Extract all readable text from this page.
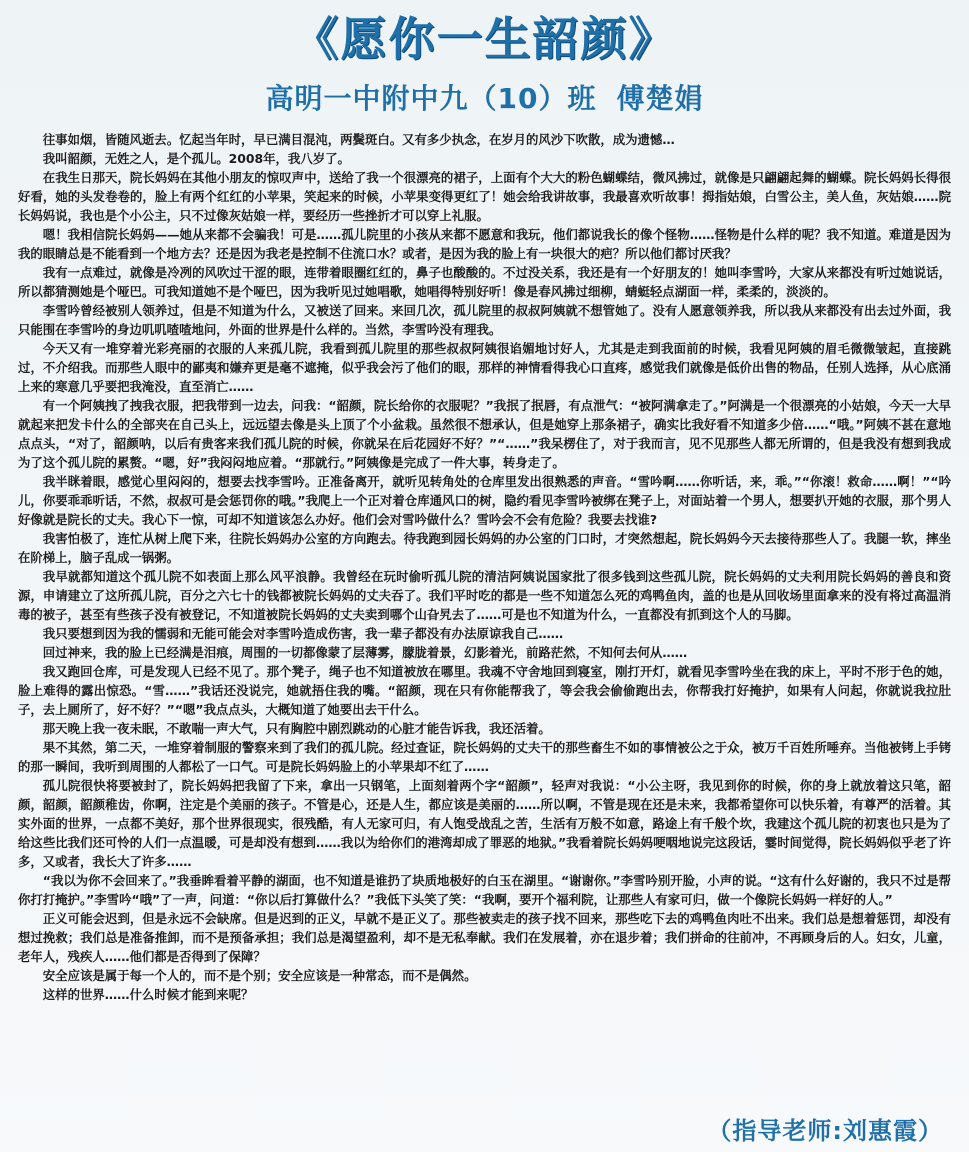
《愿你一生韶颜》
高明一中附中九（10）班 傅楚娟

往事如烟，皆随风逝去。忆起当年时，早已满目混沌，两鬓斑白。又有多少执念，在岁月的风沙下吹散，成为遗憾…

我叫韶颜，无姓之人，是个孤儿。2008年，我八岁了。

在我生日那天，院长妈妈在其他小朋友的惊叹声中，送给了我一个很漂亮的裙子，上面有个大大的粉色蝴蝶结，微风拂过，就像是只翩翩起舞的蝴蝶。院长妈妈长得很好看，她的头发卷卷的，脸上有两个红红的小苹果，笑起来的时候，小苹果变得更红了！她会给我讲故事，我最喜欢听故事！拇指姑娘，白雪公主，美人鱼，灰姑娘……院长妈妈说，我也是个小公主，只不过像灰姑娘一样，要经历一些挫折才可以穿上礼服。

嗯！我相信院长妈妈——她从来都不会骗我！可是……孤儿院里的小孩从来都不愿意和我玩，他们都说我长的像个怪物……怪物是什么样的呢？我不知道。难道是因为我的眼睛总是不能看到一个地方去？还是因为我老是控制不住流口水？或者，是因为我的脸上有一块很大的疤？所以他们都讨厌我？

我有一点难过，就像是冷冽的风吹过干涩的眼，连带着眼圈红红的，鼻子也酸酸的。不过没关系，我还是有一个好朋友的！她叫李雪吟，大家从来都没有听过她说话，所以都猜测她是个哑巴。可我知道她不是个哑巴，因为我听见过她唱歌，她唱得特别好听！像是春风拂过细柳，蜻蜓轻点湖面一样，柔柔的，淡淡的。

李雪吟曾经被别人领养过，但是不知道为什么，又被送了回来。来回几次，孤儿院里的叔叔阿姨就不想管她了。没有人愿意领养我，所以我从来都没有出去过外面，我只能围在李雪吟的身边叽叽喳喳地问，外面的世界是什么样的。当然，李雪吟没有理我。

今天又有一堆穿着光彩亮丽的衣服的人来孤儿院，我看到孤儿院里的那些叔叔阿姨很谄媚地讨好人，尤其是走到我面前的时候，我看见阿姨的眉毛微微皱起，直接跳过，不介绍我。而那些人眼中的鄙夷和嫌弃更是毫不遮掩，似乎我会污了他们的眼，那样的神情看得我心口直疼，感觉我们就像是低价出售的物品，任别人选择，从心底涌上来的寒意几乎要把我淹没，直至消亡……

有一个阿姨拽了拽我衣服，把我带到一边去，问我：“韶颜，院长给你的衣服呢？”我抿了抿唇，有点泄气：“被阿满拿走了。”阿满是一个很漂亮的小姑娘，今天一大早就起来把发卡什么的全部夹在自己头上，远远望去像是头上顶了个小盆栽。虽然很不想承认，但是她穿上那条裙子，确实比我好看不知道多少倍……“哦。”阿姨不甚在意地点点头，“对了，韶颜呐，以后有贵客来我们孤儿院的时候，你就呆在后花园好不好？”“……”我呆楞住了，对于我而言，见不见那些人都无所谓的，但是我没有想到我成为了这个孤儿院的累赘。“嗯，好”我闷闷地应着。“那就行。”阿姨像是完成了一件大事，转身走了。

我半眯着眼，感觉心里闷闷的，想要去找李雪吟。正准备离开，就听见转角处的仓库里发出很熟悉的声音。“雪吟啊……你听话，来，乖。”“你滚！救命……啊！”“吟儿，你要乖乖听话，不然，叔叔可是会惩罚你的哦。”我爬上一个正对着仓库通风口的树，隐约看见李雪吟被绑在凳子上，对面站着一个男人，想要扒开她的衣服，那个男人好像就是院长的丈夫。我心下一惊，可却不知道该怎么办好。他们会对雪吟做什么？雪吟会不会有危险？我要去找谁?

我害怕极了，连忙从树上爬下来，往院长妈妈办公室的方向跑去。待我跑到园长妈妈的办公室的门口时，才突然想起，院长妈妈今天去接待那些人了。我腿一软，摔坐在阶梯上，脑子乱成一锅粥。

我早就都知道这个孤儿院不如表面上那么风平浪静。我曾经在玩时偷听孤儿院的清洁阿姨说国家批了很多钱到这些孤儿院，院长妈妈的丈夫利用院长妈妈的善良和资源，申请建立了这所孤儿院，百分之六七十的钱都被院长妈妈的丈夫吞了。我们平时吃的都是一些不知道怎么死的鸡鸭鱼肉，盖的也是从回收场里面拿来的没有将过高温消毒的被子，甚至有些孩子没有被登记，不知道被院长妈妈的丈夫卖到哪个山旮旯去了……可是也不知道为什么，一直都没有抓到这个人的马脚。

我只要想到因为我的懦弱和无能可能会对李雪吟造成伤害，我一辈子都没有办法原谅我自己……

回过神来，我的脸上已经满是泪痕，周围的一切都像蒙了层薄雾，朦胧着景，幻影着光，前路茫然，不知何去何从……

我又跑回仓库，可是发现人已经不见了。那个凳子，绳子也不知道被放在哪里。我魂不守舍地回到寝室，刚打开灯，就看见李雪吟坐在我的床上，平时不形于色的她，脸上难得的露出惊恐。“雪……”我话还没说完，她就捂住我的嘴。“韶颜，现在只有你能帮我了，等会我会偷偷跑出去，你帮我打好掩护，如果有人问起，你就说我拉肚子，去上厕所了，好不好？”“嗯”我点点头，大概知道了她要出去干什么。

那天晚上我一夜未眠，不敢喘一声大气，只有胸腔中剧烈跳动的心脏才能告诉我，我还活着。

果不其然，第二天，一堆穿着制服的警察来到了我们的孤儿院。经过查证，院长妈妈的丈夫干的那些畜生不如的事情被公之于众，被万千百姓所唾弃。当他被铐上手铐的那一瞬间，我听到周围的人都松了一口气。可是院长妈妈脸上的小苹果却不红了……

孤儿院很快将要被封了，院长妈妈把我留了下来，拿出一只钢笔，上面刻着两个字“韶颜”，轻声对我说：“小公主呀，我见到你的时候，你的身上就放着这只笔，韶颜，韶颜，韶颜稚齿，你啊，注定是个美丽的孩子。不管是心，还是人生，都应该是美丽的……所以啊，不管是现在还是未来，我都希望你可以快乐着，有尊严的活着。其实外面的世界，一点都不美好，那个世界很现实，很残酷，有人无家可归，有人饱受战乱之苦，生活有万般不如意，路途上有千般个坎，我建这个孤儿院的初衷也只是为了给这些比我们还可怜的人们一点温暖，可是却没有想到……我以为给你们的港湾却成了罪恶的地狱。”我看着院长妈妈哽咽地说完这段话，霎时间觉得，院长妈妈似乎老了许多，又或者，我长大了许多……

“我以为你不会回来了。”我垂眸看着平静的湖面，也不知道是谁扔了块质地极好的白玉在湖里。“谢谢你。”李雪吟别开脸，小声的说。“这有什么好谢的，我只不过是帮你打打掩护。”李雪吟“哦”了一声，问道：“你以后打算做什么？”我低下头笑了笑：“我啊，要开个福利院，让那些人有家可归，做一个像院长妈妈一样好的人。”

正义可能会迟到，但是永远不会缺席。但是迟到的正义，早就不是正义了。那些被卖走的孩子找不回来，那些吃下去的鸡鸭鱼肉吐不出来。我们总是想着惩罚，却没有想过挽救；我们总是准备推卸，而不是预备承担；我们总是渴望盈利，却不是无私奉献。我们在发展着，亦在退步着；我们拼命的往前冲，不再顾身后的人。妇女，儿童，老年人，残疾人……他们都是否得到了保障？

安全应该是属于每一个人的，而不是个别；安全应该是一种常态，而不是偶然。

这样的世界……什么时候才能到来呢？

（指导老师:刘惠霞）
